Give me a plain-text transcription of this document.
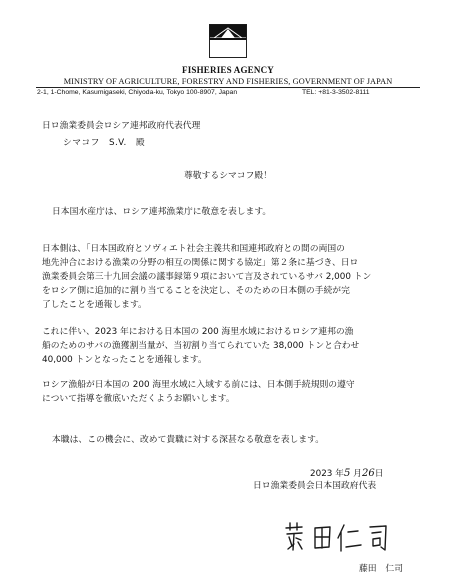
FISHERIES AGENCY
MINISTRY OF AGRICULTURE, FORESTRY AND FISHERIES, GOVERNMENT OF JAPAN
2-1, 1-Chome, Kasumigaseki, Chiyoda-ku, Tokyo 100-8907, Japan	TEL: +81-3-3502-8111
日ロ漁業委員会ロシア連邦政府代表代理
シマコフ　S.V.　殿
尊敬するシマコフ殿！
日本国水産庁は、ロシア連邦漁業庁に敬意を表します。
日本側は、「日本国政府とソヴィエト社会主義共和国連邦政府との間の両国の
地先沖合における漁業の分野の相互の関係に関する協定」第２条に基づき、日ロ
漁業委員会第三十九回会議の議事録第９項において言及されているサバ 2,000 トン
をロシア側に追加的に割り当てることを決定し、そのための日本側の手続が完
了したことを通報します。
これに伴い、2023 年における日本国の 200 海里水域におけるロシア連邦の漁
船のためのサバの漁獲割当量が、当初割り当てられていた 38,000 トンと合わせ
40,000 トンとなったことを通報します。
ロシア漁船が日本国の 200 海里水域に入域する前には、日本側手続規則の遵守
について指導を徹底いただくようお願いします。
本職は、この機会に、改めて貴職に対する深甚なる敬意を表します。
2023 年5 月26日
日ロ漁業委員会日本国政府代表
藤田　仁司
